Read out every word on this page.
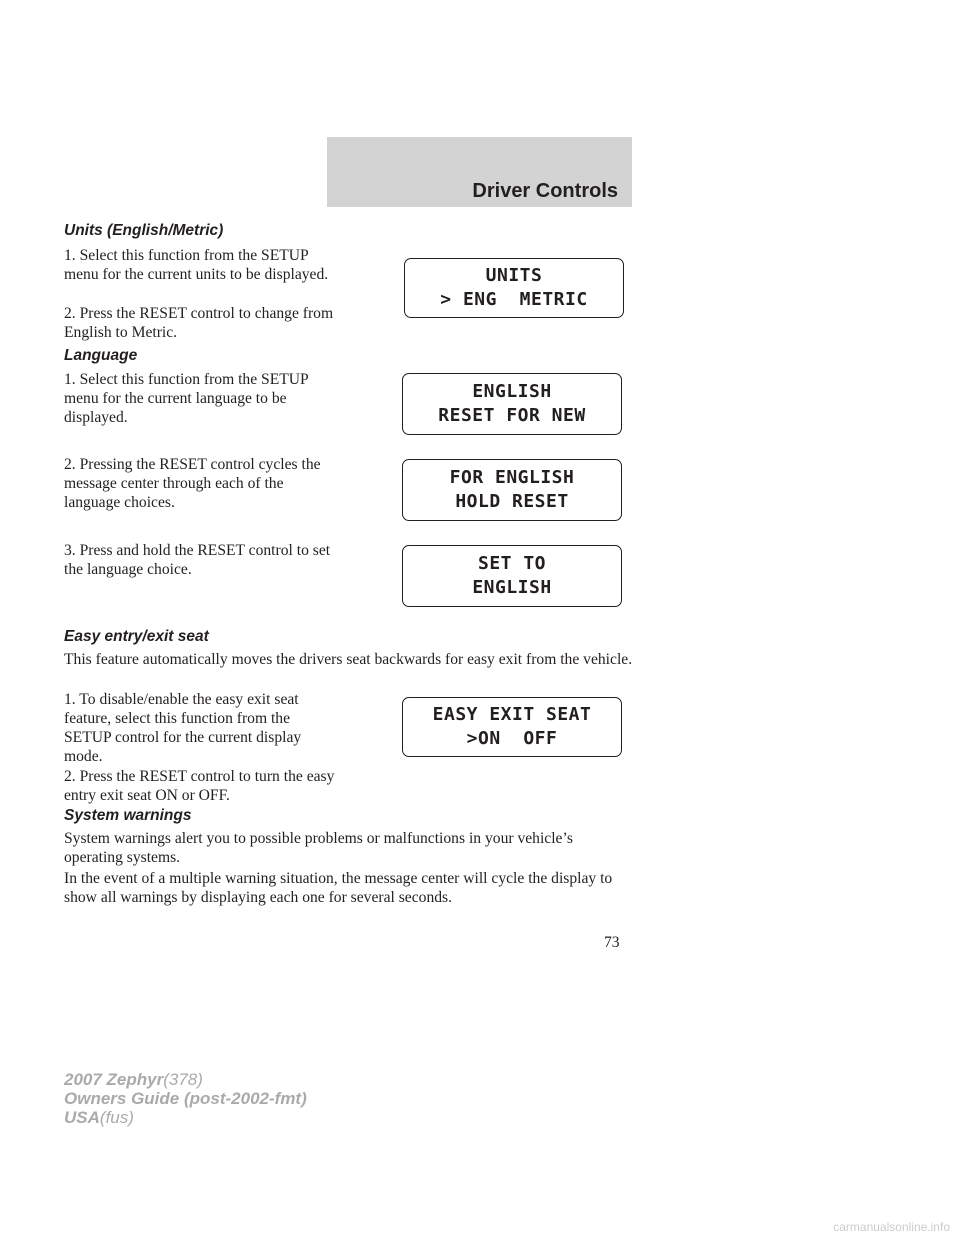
Driver Controls
Units (English/Metric)
1. Select this function from the SETUP menu for the current units to be displayed.
2. Press the RESET control to change from English to Metric.
UNITS
> ENG  METRIC
Language
1. Select this function from the SETUP menu for the current language to be displayed.
ENGLISH
RESET FOR NEW
2. Pressing the RESET control cycles the message center through each of the language choices.
FOR ENGLISH
HOLD RESET
3. Press and hold the RESET control to set the language choice.	SET TO
ENGLISH
Easy entry/exit seat
This feature automatically moves the drivers seat backwards for easy exit from the vehicle.
1. To disable/enable the easy exit seat feature, select this function from the SETUP control for the current display mode.
2. Press the RESET control to turn the easy entry exit seat ON or OFF.
EASY EXIT SEAT
>ON  OFF
System warnings
System warnings alert you to possible problems or malfunctions in your vehicle’s operating systems.
In the event of a multiple warning situation, the message center will cycle the display to show all warnings by displaying each one for several seconds.
73
2007 Zephyr(378)
Owners Guide (post-2002-fmt)
USA(fus)
carmanualsonline.info
